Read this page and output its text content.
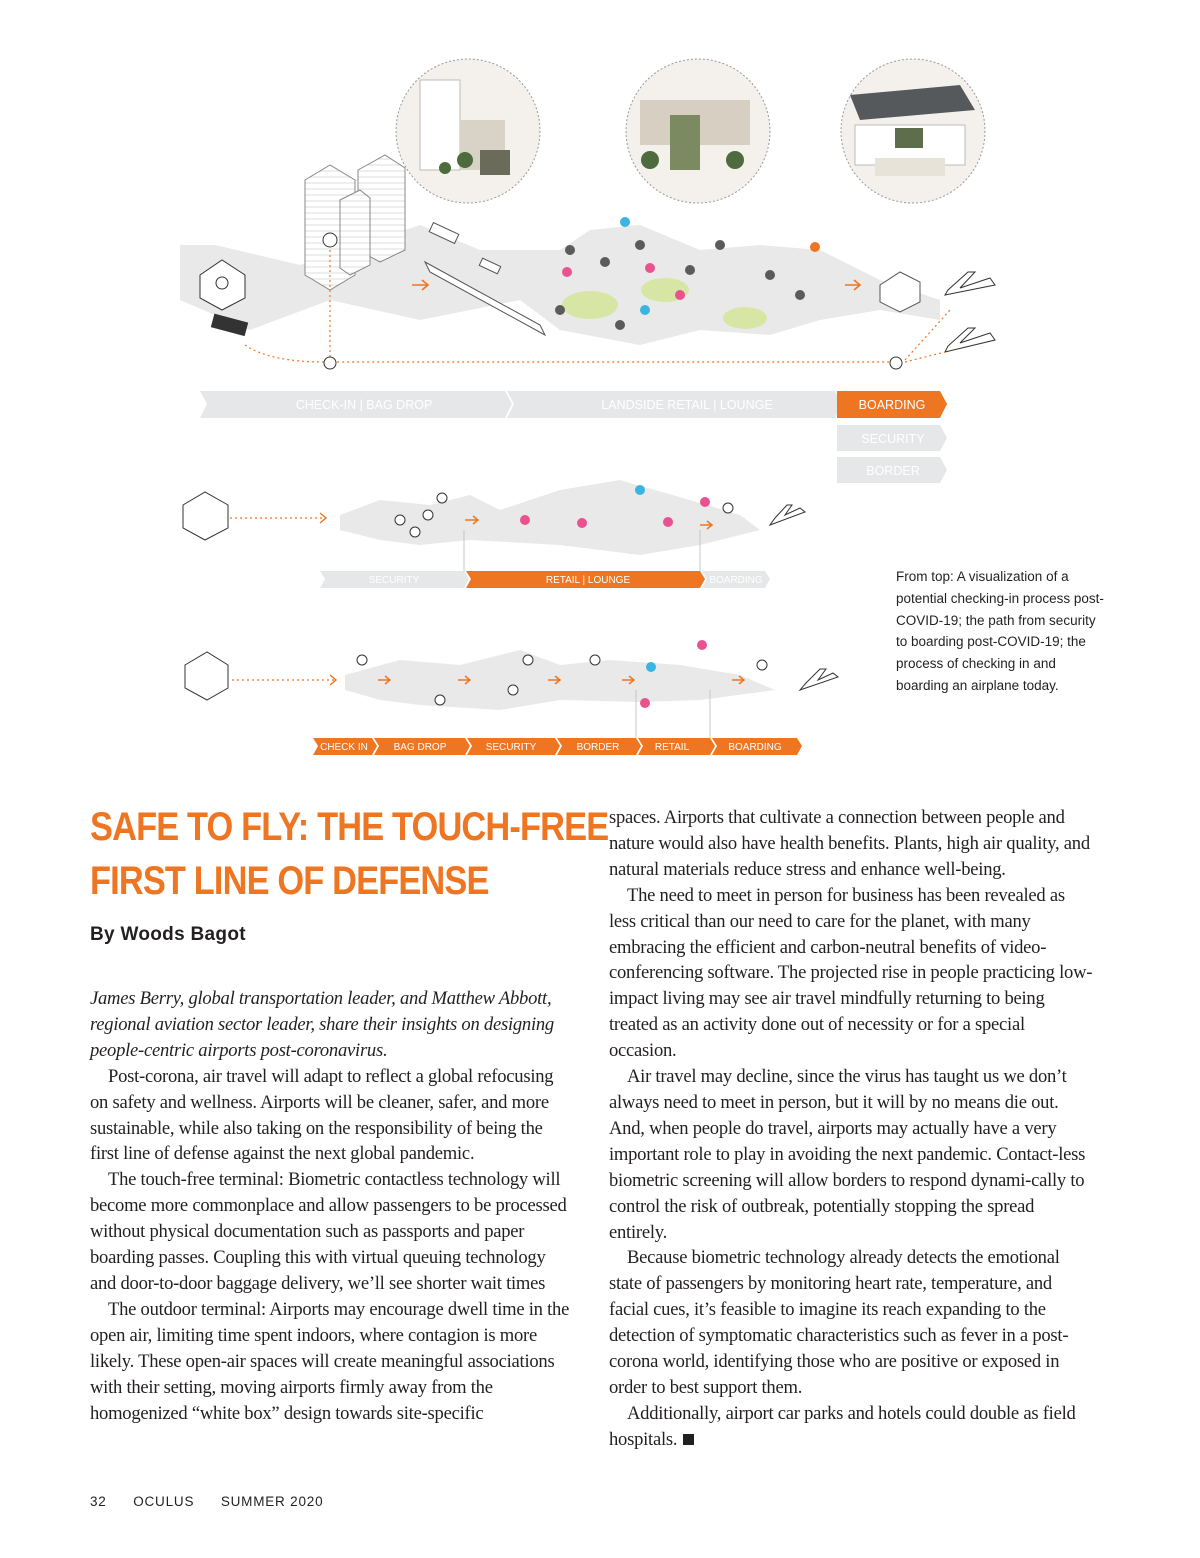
CHECK-IN | BAG DROP	LANDSIDE RETAIL | LOUNGE	BOARDING
SECURITY
BORDER
SECURITY	RETAIL | LOUNGE	BOARDING
CHECK IN	BAG DROP	SECURITY	BORDER	RETAIL	BOARDING
From top: A visualization of a potential checking-in process post-COVID-19; the path from security to boarding post-COVID-19; the process of checking in and boarding an airplane today.
SAFE TO FLY: THE TOUCH-FREE
FIRST LINE OF DEFENSE
By Woods Bagot

James Berry, global transportation leader, and Matthew Abbott, regional aviation sector leader, share their insights on designing people-centric airports post-coronavirus.

Post-corona, air travel will adapt to reflect a global refocusing on safety and wellness. Airports will be cleaner, safer, and more sustainable, while also taking on the responsibility of being the first line of defense against the next global pandemic.

The touch-free terminal: Biometric contactless technology will become more commonplace and allow passengers to be processed without physical documentation such as passports and paper boarding passes. Coupling this with virtual queuing technology and door-to-door baggage delivery, we’ll see shorter wait times

The outdoor terminal: Airports may encourage dwell time in the open air, limiting time spent indoors, where contagion is more likely. These open-air spaces will create meaningful associations with their setting, moving airports firmly away from the homogenized “white box” design towards site-specific

spaces. Airports that cultivate a connection between people and nature would also have health benefits. Plants, high air quality, and natural materials reduce stress and enhance well-being.

The need to meet in person for business has been revealed as less critical than our need to care for the planet, with many embracing the efficient and carbon-neutral benefits of video-conferencing software. The projected rise in people practicing low-impact living may see air travel mindfully returning to being treated as an activity done out of necessity or for a special occasion.

Air travel may decline, since the virus has taught us we don’t always need to meet in person, but it will by no means die out. And, when people do travel, airports may actually have a very important role to play in avoiding the next pandemic. Contact-less biometric screening will allow borders to respond dynami-cally to control the risk of outbreak, potentially stopping the spread entirely.

Because biometric technology already detects the emotional state of passengers by monitoring heart rate, temperature, and facial cues, it’s feasible to imagine its reach expanding to the detection of symptomatic characteristics such as fever in a post-corona world, identifying those who are positive or exposed in order to best support them.

Additionally, airport car parks and hotels could double as field hospitals.

32 OCULUS SUMMER 2020
